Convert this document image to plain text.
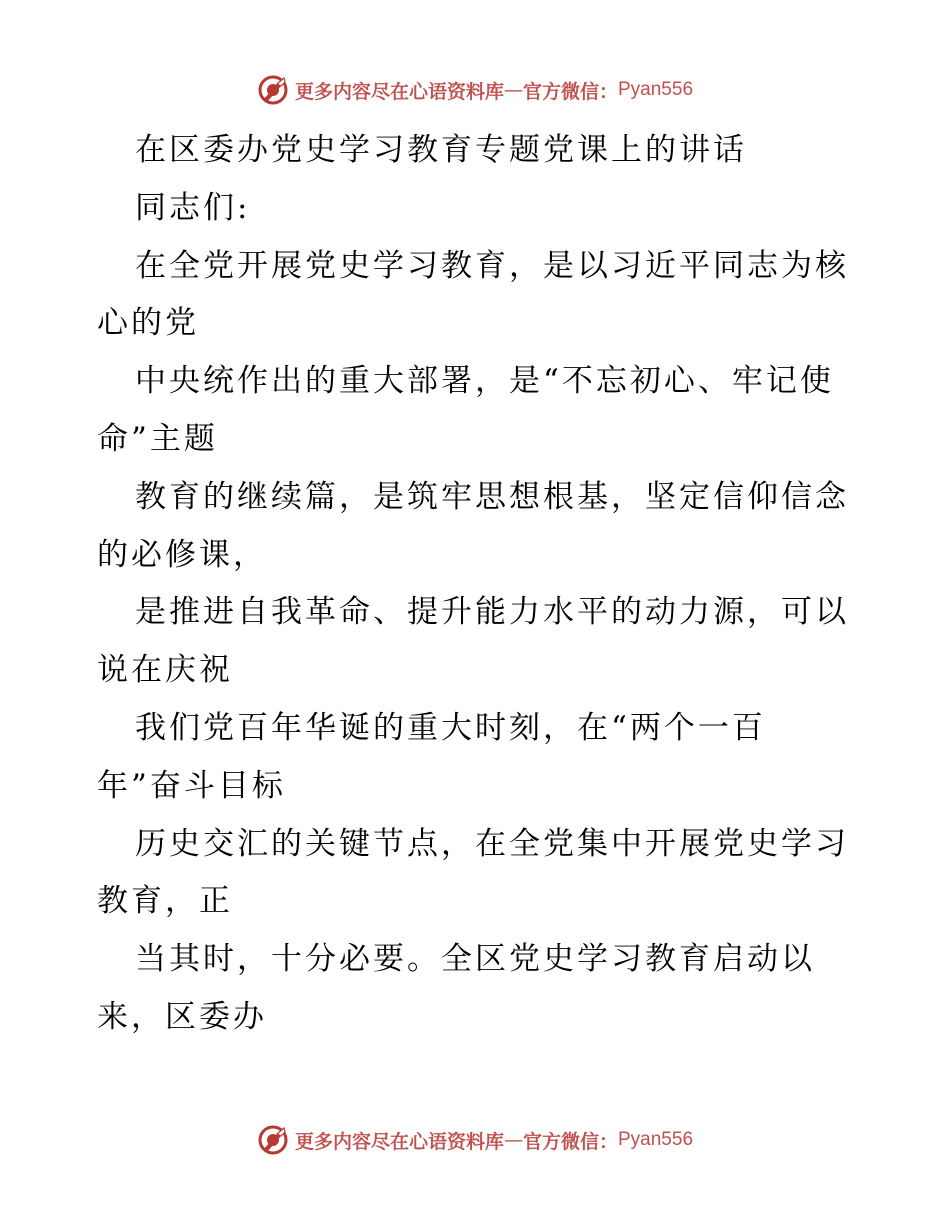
更多内容尽在心语资料库 — 官方微信： Pyan556
在区委办党史学习教育专题党课上的讲话
同志们:
在全党开展党史学习教育，是以习近平同志为核
心的党
中央统作出的重大部署，是“不忘初心、牢记使
命”主题
教育的继续篇，是筑牢思想根基，坚定信仰信念
的必修课，
是推进自我革命、提升能力水平的动力源，可以
说在庆祝
我们党百年华诞的重大时刻，在“两个一百
年”奋斗目标
历史交汇的关键节点，在全党集中开展党史学习
教育，正
当其时，十分必要。全区党史学习教育启动以
来，区委办
更多内容尽在心语资料库 — 官方微信： Pyan556
